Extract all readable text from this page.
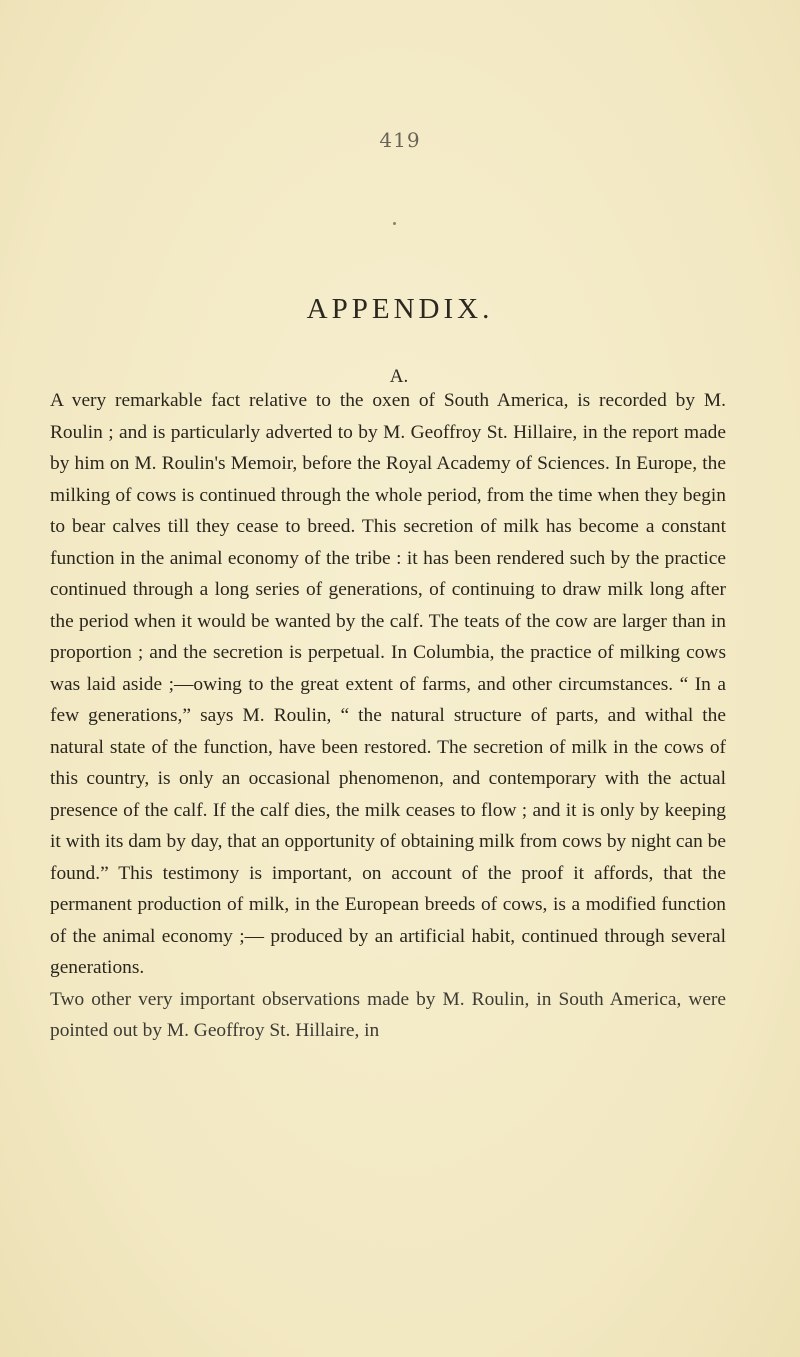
419
APPENDIX.
A.

A very remarkable fact relative to the oxen of South America, is recorded by M. Roulin ; and is particularly adverted to by M. Geoffroy St. Hillaire, in the report made by him on M. Roulin's Memoir, before the Royal Academy of Sciences. In Europe, the milking of cows is continued through the whole period, from the time when they begin to bear calves till they cease to breed. This secretion of milk has become a constant function in the animal economy of the tribe : it has been rendered such by the practice continued through a long series of generations, of continuing to draw milk long after the period when it would be wanted by the calf. The teats of the cow are larger than in proportion ; and the secretion is perpetual. In Columbia, the practice of milking cows was laid aside ;—owing to the great extent of farms, and other circumstances. “ In a few generations,” says M. Roulin, “ the natural structure of parts, and withal the natural state of the function, have been restored. The secretion of milk in the cows of this country, is only an occasional phenomenon, and contemporary with the actual presence of the calf. If the calf dies, the milk ceases to flow ; and it is only by keeping it with its dam by day, that an opportunity of obtaining milk from cows by night can be found.” This testimony is important, on account of the proof it affords, that the permanent production of milk, in the European breeds of cows, is a modified function of the animal economy ;— produced by an artificial habit, continued through several generations.

Two other very important observations made by M. Roulin, in South America, were pointed out by M. Geoffroy St. Hillaire, in
